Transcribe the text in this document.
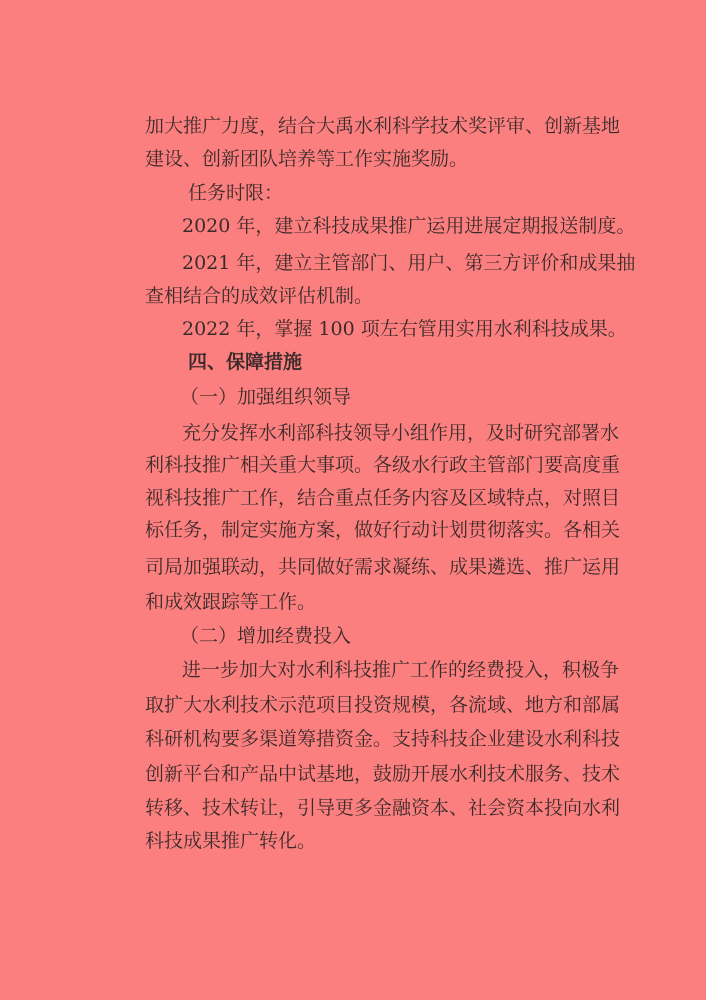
加大推广力度，结合大禹水利科学技术奖评审、创新基地
建设、创新团队培养等工作实施奖励。
任务时限：
2020 年，建立科技成果推广运用进展定期报送制度。
2021 年，建立主管部门、用户、第三方评价和成果抽
查相结合的成效评估机制。
2022 年，掌握 100 项左右管用实用水利科技成果。
四、保障措施
（一）加强组织领导
充分发挥水利部科技领导小组作用，及时研究部署水
利科技推广相关重大事项。各级水行政主管部门要高度重
视科技推广工作，结合重点任务内容及区域特点，对照目
标任务，制定实施方案，做好行动计划贯彻落实。各相关
司局加强联动，共同做好需求凝练、成果遴选、推广运用
和成效跟踪等工作。
（二）增加经费投入
进一步加大对水利科技推广工作的经费投入，积极争
取扩大水利技术示范项目投资规模，各流域、地方和部属
科研机构要多渠道筹措资金。支持科技企业建设水利科技
创新平台和产品中试基地，鼓励开展水利技术服务、技术
转移、技术转让，引导更多金融资本、社会资本投向水利
科技成果推广转化。
